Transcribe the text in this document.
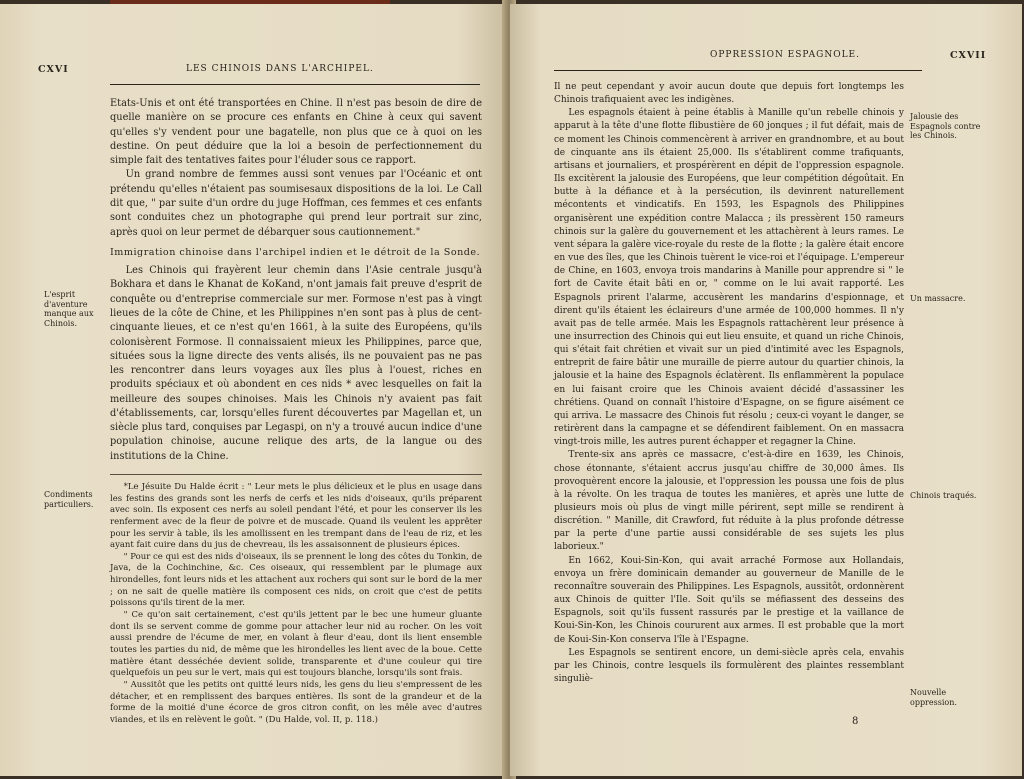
CXVI	LES CHINOIS DANS L'ARCHIPEL.

Etats-Unis et ont été transportées en Chine. Il n'est pas besoin de dire de quelle manière on se procure ces enfants en Chine à ceux qui savent qu'elles s'y vendent pour une bagatelle, non plus que ce à quoi on les destine. On peut déduire que la loi a besoin de perfectionnement du simple fait des tentatives faites pour l'éluder sous ce rapport.

Un grand nombre de femmes aussi sont venues par l'Océanic et ont prétendu qu'elles n'étaient pas soumisesaux dispositions de la loi. Le Call dit que, " par suite d'un ordre du juge Hoffman, ces femmes et ces enfants sont conduites chez un photographe qui prend leur portrait sur zinc, après quoi on leur permet de débarquer sous cautionnement."

Immigration chinoise dans l'archipel indien et le détroit de la Sonde.

Les Chinois qui frayèrent leur chemin dans l'Asie centrale jusqu'à Bokhara et dans le Khanat de KoKand, n'ont jamais fait preuve d'esprit de conquête ou d'entreprise commerciale sur mer. Formose n'est pas à vingt lieues de la côte de Chine, et les Philippines n'en sont pas à plus de cent-cinquante lieues, et ce n'est qu'en 1661, à la suite des Européens, qu'ils colonisèrent Formose. Il connaissaient mieux les Philippines, parce que, situées sous la ligne directe des vents alisés, ils ne pouvaient pas ne pas les rencontrer dans leurs voyages aux îles plus à l'ouest, riches en produits spéciaux et où abondent en ces nids * avec lesquelles on fait la meilleure des soupes chinoises. Mais les Chinois n'y avaient pas fait d'établissements, car, lorsqu'elles furent découvertes par Magellan et, un siècle plus tard, conquises par Legaspi, on n'y a trouvé aucun indice d'une population chinoise, aucune relique des arts, de la langue ou des institutions de la Chine.

*Le Jésuite Du Halde écrit : " Leur mets le plus délicieux et le plus en usage dans les festins des grands sont les nerfs de cerfs et les nids d'oiseaux, qu'ils préparent avec soin. Ils exposent ces nerfs au soleil pendant l'été, et pour les conserver ils les renferment avec de la fleur de poivre et de muscade. Quand ils veulent les apprêter pour les servir à table, ils les amollissent en les trempant dans de l'eau de riz, et les ayant fait cuire dans du jus de chevreau, ils les assaisonnent de plusieurs épices.

" Pour ce qui est des nids d'oiseaux, ils se prennent le long des côtes du Tonkin, de Java, de la Cochinchine, &c. Ces oiseaux, qui ressemblent par le plumage aux hirondelles, font leurs nids et les attachent aux rochers qui sont sur le bord de la mer ; on ne sait de quelle matière ils composent ces nids, on croit que c'est de petits poissons qu'ils tirent de la mer.

" Ce qu'on sait certainement, c'est qu'ils jettent par le bec une humeur gluante dont ils se servent comme de gomme pour attacher leur nid au rocher. On les voit aussi prendre de l'écume de mer, en volant à fleur d'eau, dont ils lient ensemble toutes les parties du nid, de même que les hirondelles les lient avec de la boue. Cette matière étant desséchée devient solide, transparente et d'une couleur qui tire quelquefois un peu sur le vert, mais qui est toujours blanche, lorsqu'ils sont frais.

" Aussitôt que les petits ont quitté leurs nids, les gens du lieu s'empressent de les détacher, et en remplissent des barques entières. Ils sont de la grandeur et de la forme de la moitié d'une écorce de gros citron confit, on les mêle avec d'autres viandes, et ils en relèvent le goût. " (Du Halde, vol. II, p. 118.)

L'esprit d'aventure manque aux Chinois.
Condiments particuliers.
OPPRESSION ESPAGNOLE.	CXVII

Il ne peut cependant y avoir aucun doute que depuis fort longtemps les Chinois trafiquaient avec les indigènes.

Les espagnols étaient à peine établis à Manille qu'un rebelle chinois y apparut à la tête d'une flotte flibustière de 60 jonques ; il fut défait, mais de ce moment les Chinois commencèrent à arriver en grandnombre, et au bout de cinquante ans ils étaient 25,000. Ils s'établirent comme trafiquants, artisans et journaliers, et prospérèrent en dépit de l'oppression espagnole. Ils excitèrent la jalousie des Européens, que leur compétition dégoûtait. En butte à la défiance et à la persécution, ils devinrent naturellement mécontents et vindicatifs. En 1593, les Espagnols des Philippines organisèrent une expédition contre Malacca ; ils pressèrent 150 rameurs chinois sur la galère du gouvernement et les attachèrent à leurs rames. Le vent sépara la galère vice-royale du reste de la flotte ; la galère était encore en vue des îles, que les Chinois tuèrent le vice-roi et l'équipage. L'empereur de Chine, en 1603, envoya trois mandarins à Manille pour apprendre si " le fort de Cavite était bâti en or, " comme on le lui avait rapporté. Les Espagnols prirent l'alarme, accusèrent les mandarins d'espionnage, et dirent qu'ils étaient les éclaireurs d'une armée de 100,000 hommes. Il n'y avait pas de telle armée. Mais les Espagnols rattachèrent leur présence à une insurrection des Chinois qui eut lieu ensuite, et quand un riche Chinois, qui s'était fait chrétien et vivait sur un pied d'intimité avec les Espagnols, entreprit de faire bâtir une muraille de pierre autour du quartier chinois, la jalousie et la haine des Espagnols éclatèrent. Ils enflammèrent la populace en lui faisant croire que les Chinois avaient décidé d'assassiner les chrétiens. Quand on connaît l'histoire d'Espagne, on se figure aisément ce qui arriva. Le massacre des Chinois fut résolu ; ceux-ci voyant le danger, se retirèrent dans la campagne et se défendirent faiblement. On en massacra vingt-trois mille, les autres purent échapper et regagner la Chine.

Trente-six ans après ce massacre, c'est-à-dire en 1639, les Chinois, chose étonnante, s'étaient accrus jusqu'au chiffre de 30,000 âmes. Ils provoquèrent encore la jalousie, et l'oppression les poussa une fois de plus à la révolte. On les traqua de toutes les manières, et après une lutte de plusieurs mois où plus de vingt mille périrent, sept mille se rendirent à discrétion. " Manille, dit Crawford, fut réduite à la plus profonde détresse par la perte d'une partie aussi considérable de ses sujets les plus laborieux."

En 1662, Koui-Sin-Kon, qui avait arraché Formose aux Hollandais, envoya un frère dominicain demander au gouverneur de Manille de le reconnaître souverain des Philippines. Les Espagnols, aussitôt, ordonnèrent aux Chinois de quitter l'Ile. Soit qu'ils se méfiassent des desseins des Espagnols, soit qu'ils fussent rassurés par le prestige et la vaillance de Koui-Sin-Kon, les Chinois coururent aux armes. Il est probable que la mort de Koui-Sin-Kon conserva l'île à l'Espagne.

Les Espagnols se sentirent encore, un demi-siècle après cela, envahis par les Chinois, contre lesquels ils formulèrent des plaintes ressemblant singuliè-

Jalousie des Espagnols contre les Chinois.
Un massacre.
Chinois traqués.
Nouvelle oppression.
8
